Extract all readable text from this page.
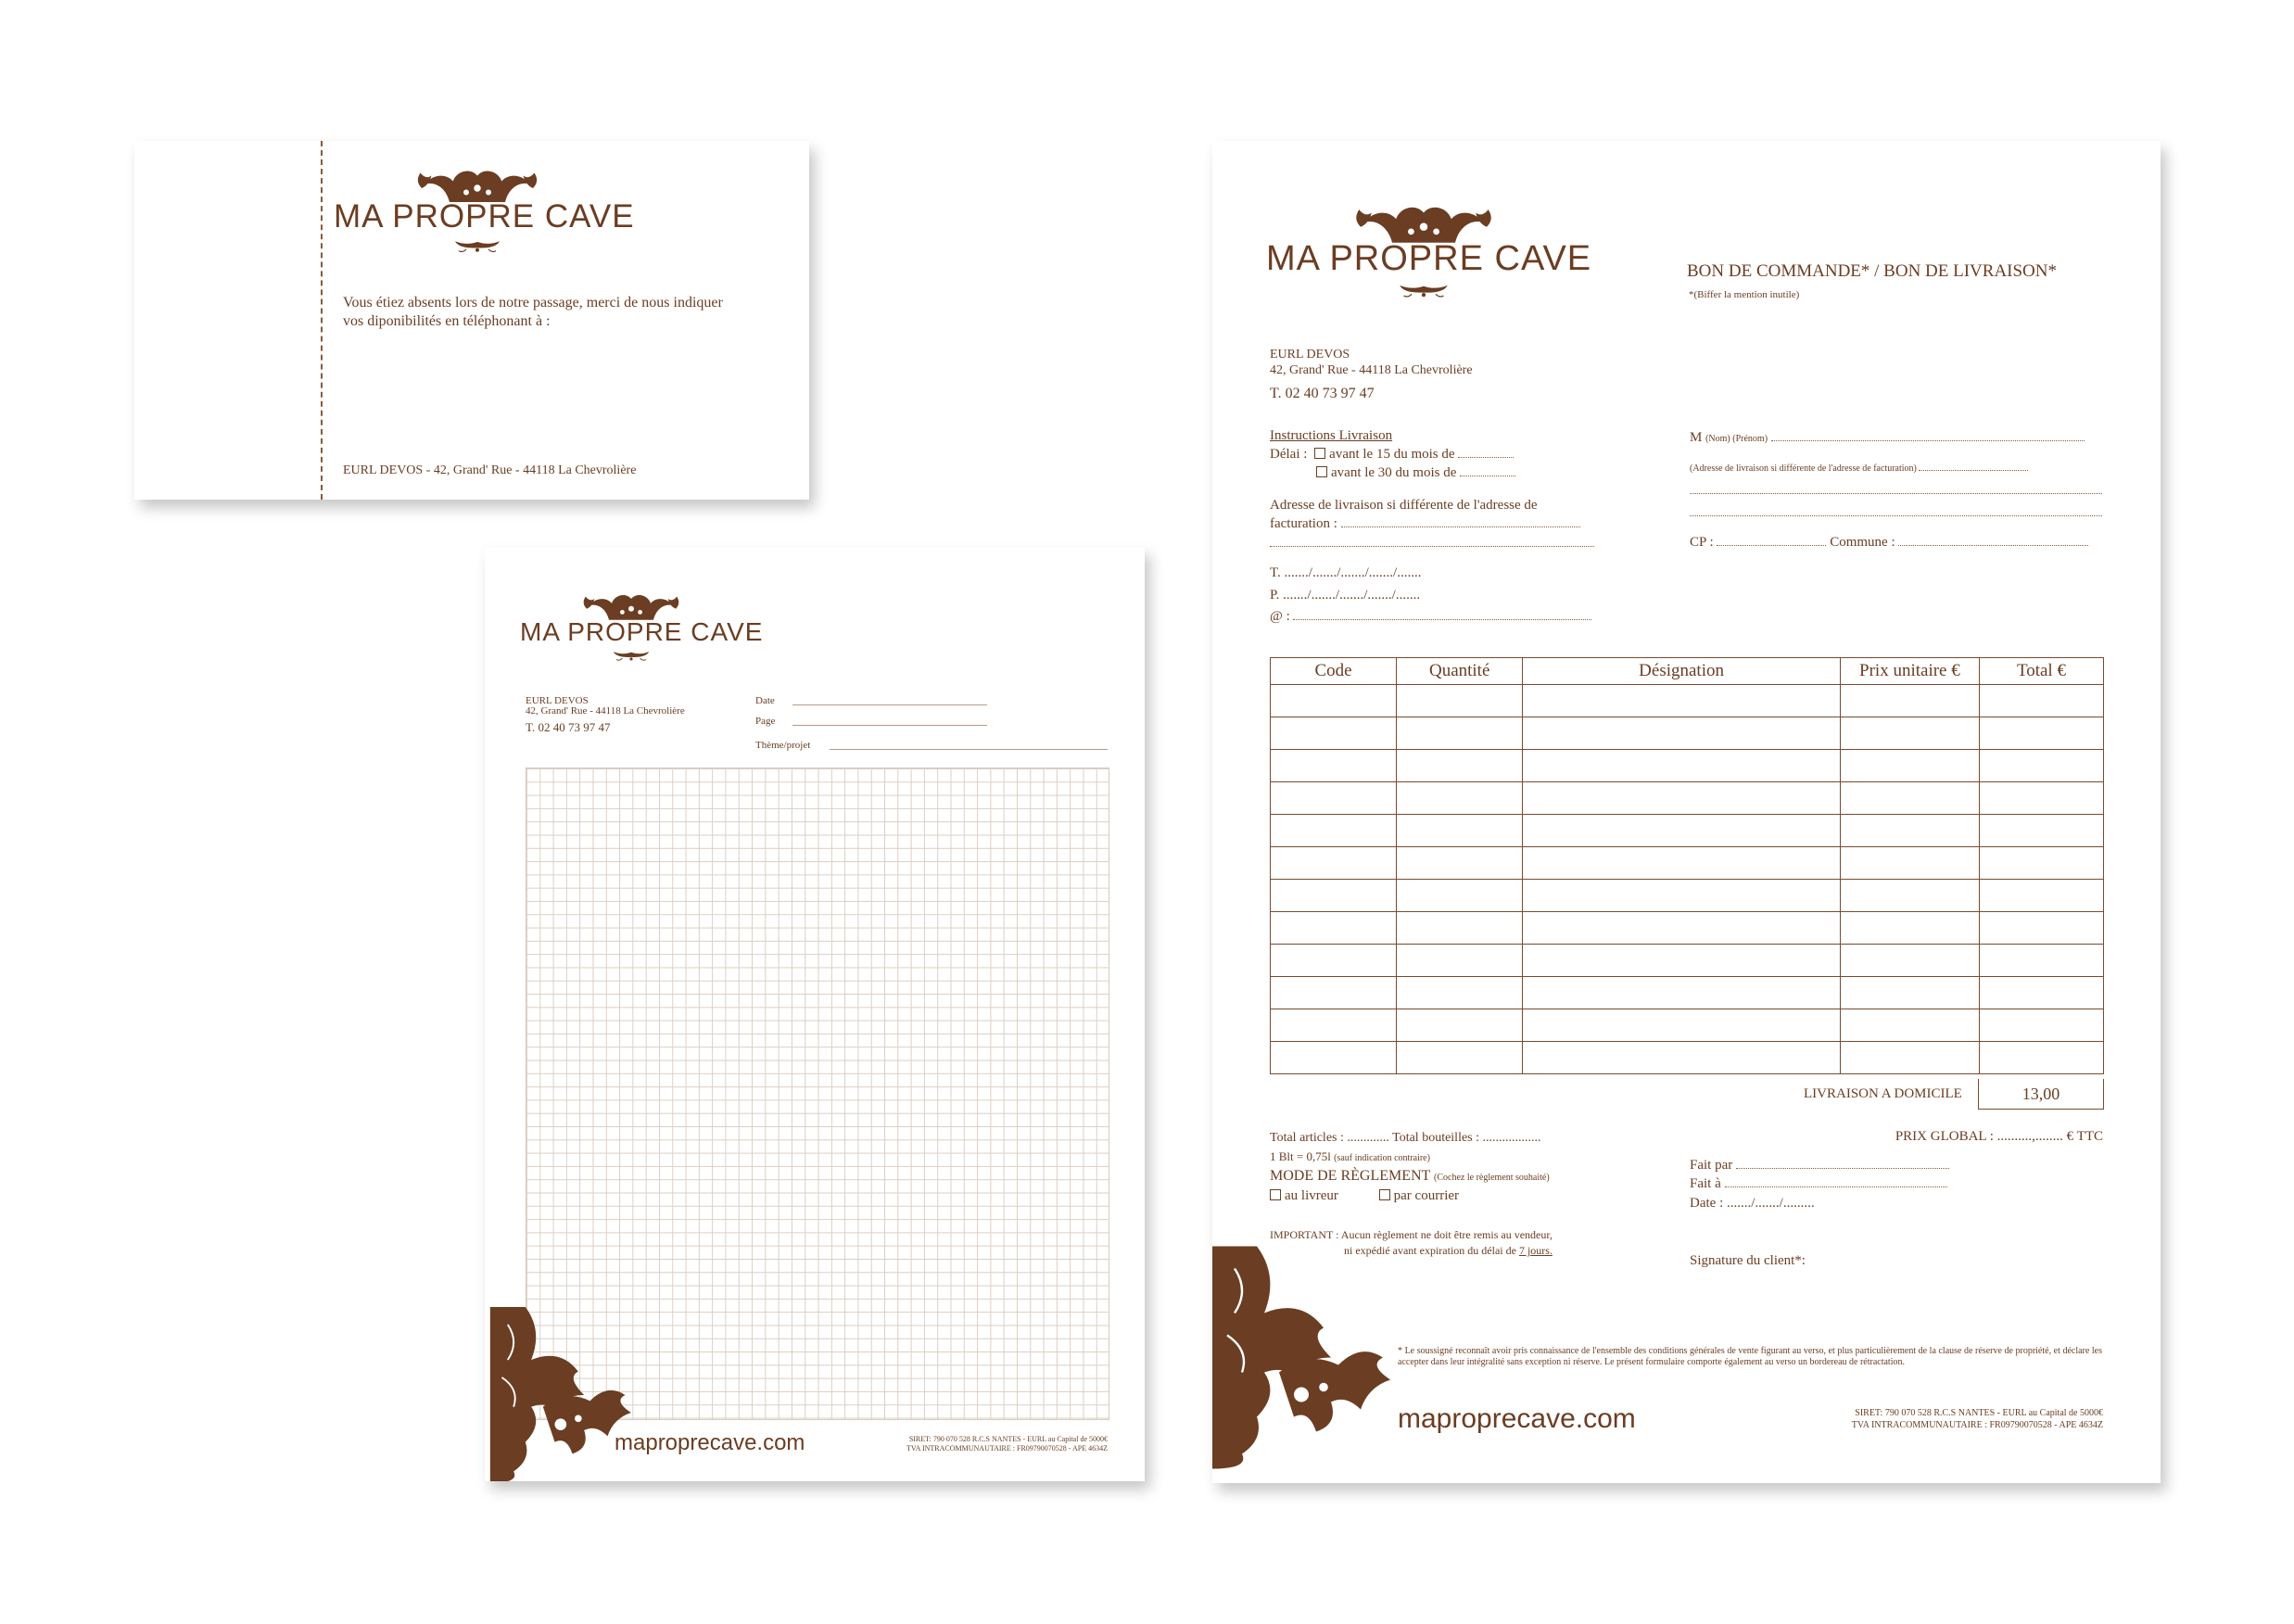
MA PROPRE CAVE
Vous étiez absents lors de notre passage, merci de nous indiquer
vos diponibilités en téléphonant à :
EURL DEVOS - 42, Grand' Rue - 44118 La Chevrolière
MA PROPRE CAVE
EURL DEVOS
42, Grand' Rue - 44118 La Chevrolière
T. 02 40 73 97 47
Date
Page
Thème/projet
maproprecave.com	SIRET: 790 070 528 R.C.S NANTES - EURL au Capital de 5000€
TVA INTRACOMMUNAUTAIRE : FR09790070528 - APE 4634Z
MA PROPRE CAVE	BON DE COMMANDE* / BON DE LIVRAISON*
*(Biffer la mention inutile)
EURL DEVOS
42, Grand' Rue - 44118 La Chevrolière
T. 02 40 73 97 47
Instructions Livraison
Délai : avant le 15 du mois de
avant le 30 du mois de
Adresse de livraison si différente de l'adresse de
facturation :
T. ......./......./......./......./.......
P. ......./......./......./......./.......
@ :
M (Nom) (Prénom)
(Adresse de livraison si différente de l'adresse de facturation)
CP :	Commune :
Code	Quantité	Désignation	Prix unitaire €	Total €

LIVRAISON A DOMICILE	13,00
Total articles : ............. Total bouteilles : ..................
1 Blt = 0,75l (sauf indication contraire)
MODE DE RÈGLEMENT (Cochez le règlement souhaité)
au livreur	par courrier
IMPORTANT : Aucun règlement ne doit être remis au vendeur,
ni expédié avant expiration du délai de 7 jours.
PRIX GLOBAL : ..........,........ € TTC
Fait par
Fait à
Date : ......./......./.........
Signature du client*:
* Le soussigné reconnaît avoir pris connaissance de l'ensemble des conditions générales de vente figurant au verso, et plus particulièrement de la clause de réserve de propriété, et déclare les accepter dans leur intégralité sans exception ni réserve. Le présent formulaire comporte également au verso un bordereau de rétractation.
maproprecave.com	SIRET: 790 070 528 R.C.S NANTES - EURL au Capital de 5000€
TVA INTRACOMMUNAUTAIRE : FR09790070528 - APE 4634Z
